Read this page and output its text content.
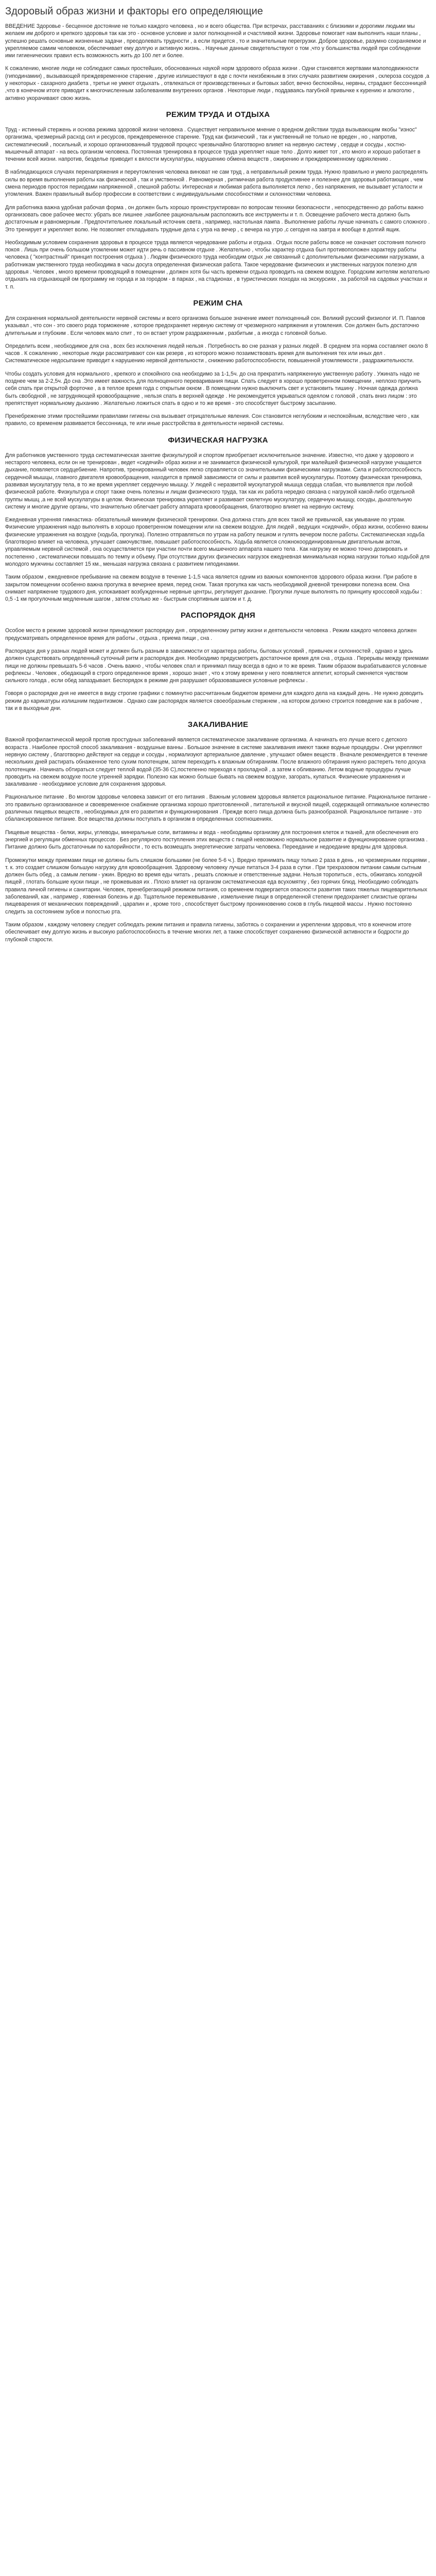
Здоровый образ жизни и факторы его определяющие

ВВЕДЕНИЕ Здоровье - бесценное достояние не только каждого человека , но и всего общества. При встречах, расставаниях с близкими и дорогими людьми мы желаем им доброго и крепкого здоровья так как это - основное условие и залог полноценной и счастливой жизни. Здоровье помогает нам выполнить наши планы , успешно решать основные жизненные задачи , преодолевать трудности , а если придется , то и значительные перегрузки. Доброе здоровье, разумно сохраняемое и укрепляемое самим человеком, обеспечивает ему долгую и активную жизнь. . Научные данные свидетельствуют о том ,что у большинства людей при соблюдении ими гигиенических правил есть возможность жить до 100 лет и более.

К сожалению, многие люди не соблюдают самых простейших, обоснованных наукой норм здорового образа жизни . Одни становятся жертвами малоподвижности (гиподинамии) , вызывающей преждевременное старение , другие излишествуют в еде с почти неизбежным в этих случаях развитием ожирения , склероза сосудов ,а у некоторых - сахарного диабета , третьи не умеют отдыхать , отвлекаться от производственных и бытовых забот, вечно беспокойны, нервны, страдают бессонницей ,что в конечном итоге приводит к многочисленным заболеваниям внутренних органов . Некоторые люди , поддаваясь пагубной привычке к курению и алкоголю , активно укорачивают свою жизнь.

РЕЖИМ ТРУДА И ОТДЫХА

Труд - истинный стержень и основа режима здоровой жизни человека . Существует неправильное мнение о вредном действии труда вызывающим якобы "износ" организма, чрезмерный расход сил и ресурсов, преждевременное старение. Труд как физический , так и умственный не только не вреден , но , напротив, систематический , посильный, и хорошо организованный трудовой процесс чрезвычайно благотворно влияет на нервную систему , сердце и сосуды , костно-мышечный аппарат - на весь организм человека. Постоянная тренировка в процессе труда укрепляет наше тело . Долго живет тот , кто много и хорошо работает в течении всей жизни. напротив, безделье приводит к вялости мускулатуры, нарушению обмена веществ , ожирению и преждевременному одряхлению .

В наблюдающихся случаях перенапряжения и переутомления человека виноват не сам труд , а неправильный режим труда. Нужно правильно и умело распределять силы во время выполнения работы как физической , так и умственной . Равномерная , ритмичная работа продуктивнее и полезнее для здоровья работающих , чем смена периодов простоя периодами напряженной , спешной работы. Интересная и любимая работа выполняется легко , без напряжения, не вызывает усталости и утомления. Важен правильный выбор профессии в соответствии с индивидуальными способностями и склонностями человека.

Для работника важна удобная рабочая форма , он должен быть хорошо проинструктирован по вопросам техники безопасности , непосредственно до работы важно организовать свое рабочее место: убрать все лишнее ,наиболее рациональным расположить все инструменты и т. п. Освещение рабочего места должно быть достаточным и равномерным . Предпочтительнее локальный источник света , например, настольная лампа . Выполнение работы лучше начинать с самого сложного . Это тренирует и укрепляет волю. Не позволяет откладывать трудные дела с утра на вечер , с вечера на утро ,с сегодня на завтра и вообще в долгий ящик.

Необходимым условием сохранения здоровья в процессе труда является чередование работы и отдыха . Отдых после работы вовсе не означает состояния полного покоя . Лишь при очень большом утомлении может идти речь о пассивном отдыхе . Желательно , чтобы характер отдыха был противоположен характеру работы человека ( "контрастный" принцип построения отдыха ) . Людям физического труда необходим отдых ,не связанный с дополнительными физическими нагрузками, а работникам умственного труда необходима в часы досуга определенная физическая работа. Такое чередование физических и умственных нагрузок полезно для здоровья . Человек , много времени проводящий в помещении , должен хотя бы часть времени отдыха проводить на свежем воздухе. Городским жителям желательно отдыхать на отдыхающей ом программу не города и за городом - в парках , на стадионах , в туристических походах на экскурсиях , за работой на садовых участках и т. п.

РЕЖИМ СНА

Для сохранения нормальной деятельности нервной системы и всего организма большое значение имеет полноценный сон. Великий русский физиолог И. П. Павлов указывал , что сон - это своего рода торможение , которое предохраняет нервную систему от чрезмерного напряжения и утомления. Сон должен быть достаточно длительным и глубоким . Если человек мало спит , то он встает утром раздраженным , разбитым , а иногда с головной болью.

Определить всем , необходимое для сна , всех без исключения людей нельзя . Потребность во сне разная у разных людей . В среднем эта норма составляет около 8 часов . К сожалению , некоторые люди рассматривают сон как резерв , из которого можно позаимствовать время для выполнения тех или иных дел . Систематическое недосыпание приводит к нарушению нервной деятельности , снижению работоспособности, повышенной утомляемости , раздражительности.

Чтобы создать условия для нормального , крепкого и спокойного сна необходимо за 1-1,5ч. до сна прекратить напряженную умственную работу . Ужинать надо не позднее чем за 2-2,5ч. До сна .Это имеет важность для полноценного переваривания пищи. Спать следует в хорошо проветренном помещении , неплохо приучить себя спать при открытой форточке , а в теплое время года с открытым окном . В помещении нужно выключить свет и установить тишину . Ночная одежда должна быть свободной , не затрудняющей кровообращение , нельзя спать в верхней одежде . Не рекомендуется укрываться одеялом с головой , спать вниз лицом : это препятствует нормальному дыханию . Желательно ложиться спать в одно и то же время - это способствует быстрому засыпанию.

Пренебрежение этими простейшими правилами гигиены сна вызывает отрицательные явления. Сон становится неглубоким и неспокойным, вследствие чего , как правило, со временем развивается бессонница, те или иные расстройства в деятельности нервной системы.

ФИЗИЧЕСКАЯ НАГРУЗКА

Для работников умственного труда систематическая занятие физкультурой и спортом приобретает исключительное значение. Известно, что даже у здорового и нестарого человека, если он не тренирован , ведет «сидячий» образ жизни и не занимается физической культурой, при малейшей физической нагрузке учащается дыхание, появляется сердцебиение. Напротив, тренированный человек легко справляется со значительными физическими нагрузками. Сила и работоспособность сердечной мышцы, главного двигателя кровообращения, находится в прямой зависимости от силы и развития всей мускулатуры. Поэтому физическая тренировка, развивая мускулатуру тела, в то же время укрепляет сердечную мышцу. У людей с неразвитой мускулатурой мышца сердца слабая, что выявляется при любой физической работе. Физкультура и спорт также очень полезны и лицам физического труда, так как их работа нередко связана с нагрузкой какой-либо отдельной группы мышц ,а не всей мускулатуры в целом. Физическая тренировка укрепляет и развивает скелетную мускулатуру, сердечную мышцу, сосуды, дыхательную систему и многие другие органы, что значительно облегчает работу аппарата кровообращения, благотворно влияет на нервную систему.

Ежедневная утренняя гимнастика- обязательный минимум физической тренировки. Она должна стать для всех такой же привычкой, как умывание по утрам. Физические упражнения надо выполнять в хорошо проветренном помещении или на свежем воздухе. Для людей , ведущих «сидячий», образ жизни, особенно важны физические упражнения на воздухе (ходьба, прогулка). Полезно отправляться по утрам на работу пешком и гулять вечером после работы. Систематическая ходьба благотворно влияет на человека, улучшает самочувствие, повышает работоспособность. Ходьба является сложнокоординированным двигательным актом, управляемым нервной системой , она осуществляется при участии почти всего мышечного аппарата нашего тела . Как нагрузку ее можно точно дозировать и постепенно , систематически повышать по темпу и объему. При отсутствии других физических нагрузок ежедневная минимальная норма нагрузки только ходьбой для молодого мужчины составляет 15 км., меньшая нагрузка связана с развитием гиподинамии.

Таким образом , ежедневное пребывание на свежем воздухе в течение 1-1,5 часа является одним из важных компонентов здорового образа жизни. При работе в закрытом помещении особенно важна прогулка в вечернее время, перед сном. Такая прогулка как часть необходимой дневной тренировки полезна всем. Она снимает напряжение трудового дня, успокаивает возбужденные нервные центры, регулирует дыхание. Прогулки лучше выполнять по принципу кроссовой ходьбы : 0,5 -1 км прогулочным медленным шагом , затем столько же - быстрым спортивным шагом и т. д.

РАСПОРЯДОК ДНЯ

Особое место в режиме здоровой жизни принадлежит распорядку дня , определенному ритму жизни и деятельности человека . Режим каждого человека должен предусматривать определенное время для работы , отдыха , приема пищи , сна .

Распорядок дня у разных людей может и должен быть разным в зависимости от характера работы, бытовых условий , привычек и склонностей , однако и здесь должен существовать определенный суточный ритм и распорядок дня. Необходимо предусмотреть достаточное время для сна , отдыха . Перерывы между приемами пищи не должны превышать 5-6 часов . Очень важно , чтобы человек спал и принимал пищу всегда в одно и то же время. Таким образом вырабатываются условные рефлексы . Человек , обедающий в строго определенное время , хорошо знает , что к этому времени у него появляется аппетит, который сменяется чувством сильного голода , если обед запаздывает. Беспорядок в режиме дня разрушает образовавшиеся условные рефлексы .

Говоря о распорядке дня не имеется в виду строгие графики с поминутно рассчитанным бюджетом времени для каждого дела на каждый день . Не нужно доводить режим до карикатуры излишним педантизмом . Однако сам распорядок является своеобразным стержнем , на котором должно строится поведение как в рабочие , так и в выходные дни.

ЗАКАЛИВАНИЕ

Важной профилактической мерой против простудных заболеваний является систематическое закаливание организма. А начинать его лучше всего с детского возраста . Наиболее простой способ закаливания - воздушные ванны . Большое значение в системе закаливания имеют также водные процедуры . Они укрепляют нервную систему , благотворно действуют на сердце и сосуды , нормализуют артериальное давление , улучшают обмен веществ . Вначале рекомендуется в течение нескольких дней растирать обнаженное тело сухим полотенцем, затем переходить к влажным обтираниям. После влажного обтирания нужно растереть тело досуха полотенцем . Начинать обтираться следует теплой водой (35-36 С),постепенно переходя к прохладной , а затем к обливанию. Летом водные процедуры лучше проводить на свежем воздухе после утренней зарядки. Полезно как можно больше бывать на свежем воздухе, загорать, купаться. Физические упражнения и закаливание - необходимое условие для сохранения здоровья.

Рациональное питание . Во многом здоровье человека зависит от его питания . Важным условием здоровья является рациональное питание. Рациональное питание - это правильно организованное и своевременное снабжение организма хорошо приготовленной , питательной и вкусной пищей, содержащей оптимальное количество различных пищевых веществ , необходимых для его развития и функционирования . Прежде всего пища должна быть разнообразной. Рациональное питание - это сбалансированное питание. Все вещества должны поступать в организм в определенных соотношениях.

Пищевые вещества - белки, жиры, углеводы, минеральные соли, витамины и вода - необходимы организму для построения клеток и тканей, для обеспечения его энергией и регуляции обменных процессов . Без регулярного поступления этих веществ с пищей невозможно нормальное развитие и функционирование организма . Питание должно быть достаточным по калорийности , то есть возмещать энергетические затраты человека. Переедание и недоедание вредны для здоровья.

Промежутки между приемами пищи не должны быть слишком большими (не более 5-6 ч.). Вредно принимать пищу только 2 раза в день , но чрезмерными порциями , т. к. это создает слишком большую нагрузку для кровообращения. Здоровому человеку лучше питаться 3-4 раза в сутки . При трехразовом питании самым сытным должен быть обед , а самым легким - ужин. Вредно во время еды читать , решать сложные и ответственные задачи. Нельзя торопиться , есть, обжигаясь холодной пищей , глотать большие куски пищи , не прожевывая их . Плохо влияет на организм систематическая еда всухомятку , без горячих блюд. Необходимо соблюдать правила личной гигиены и санитарии. Человек, пренебрегающий режимом питания, со временем подвергается опасности развития таких тяжелых пищеварительных заболеваний, как , например , язвенная болезнь и др. Тщательное пережевывание , измельчение пищи в определенной степени предохраняет слизистые органы пищеварения от механических повреждений , царапин и , кроме того , способствует быстрому проникновению соков в глубь пищевой массы . Нужно постоянно следить за состоянием зубов и полостью рта.

Таким образом , каждому человеку следует соблюдать режим питания и правила гигиены, заботясь о сохранении и укреплении здоровья, что в конечном итоге обеспечивает ему долгую жизнь и высокую работоспособность в течение многих лет, а также способствует сохранению физической активности и бодрости до глубокой старости.
